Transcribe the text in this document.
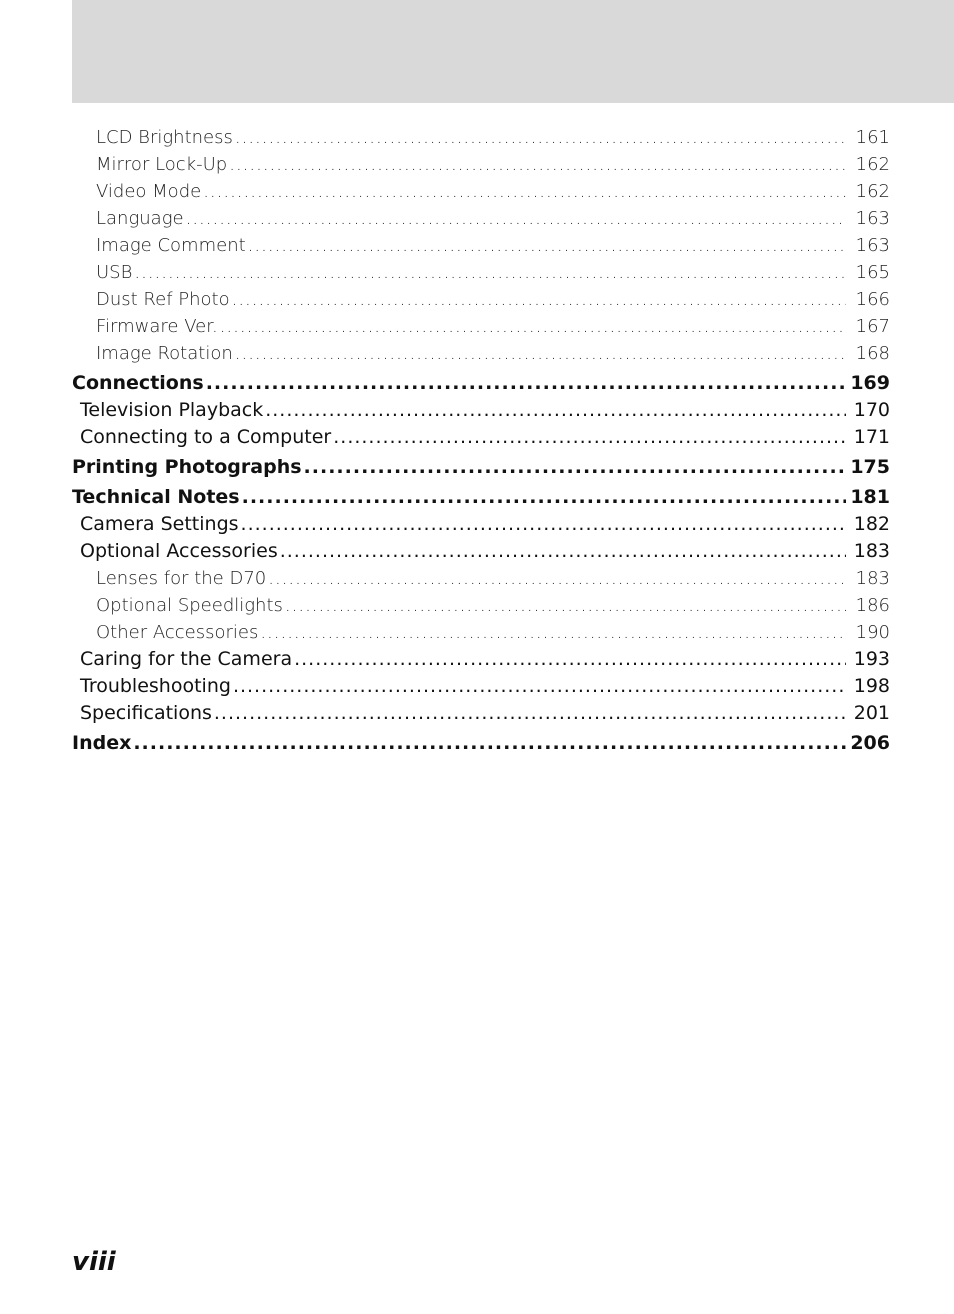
LCD Brightness .....	161
Mirror Lock-Up .....	162
Video Mode .....	162
Language .....	163
Image Comment .....	163
USB .....	165
Dust Ref Photo .....	166
Firmware Ver. .....	167
Image Rotation .....	168
Connections .....	169
Television Playback .....	170
Connecting to a Computer .....	171
Printing Photographs .....	175
Technical Notes .....	181
Camera Settings .....	182
Optional Accessories .....	183
Lenses for the D70 .....	183
Optional Speedlights .....	186
Other Accessories .....	190
Caring for the Camera .....	193
Troubleshooting .....	198
Specifications .....	201
Index .....	206
viii
